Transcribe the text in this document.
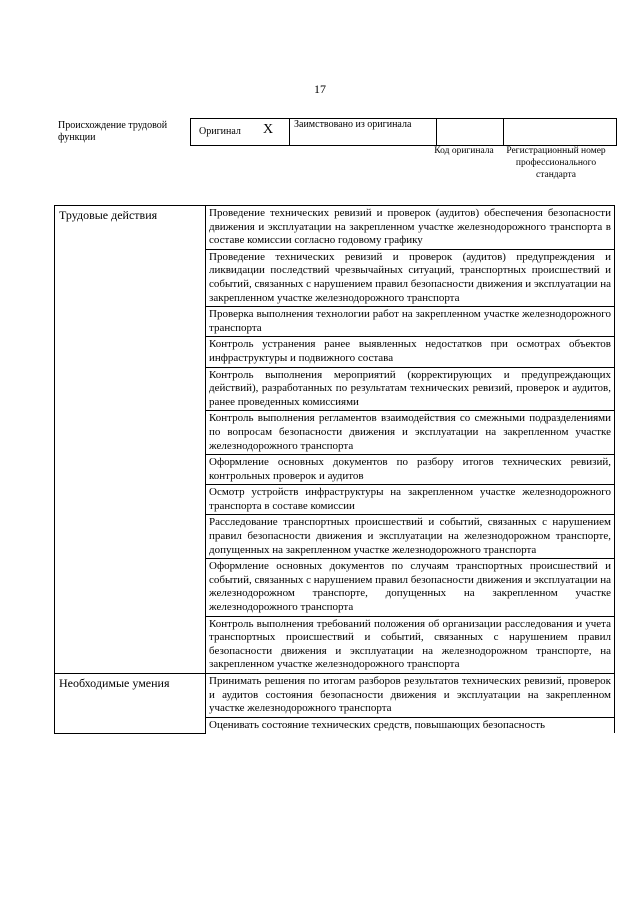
17
Происхождение трудовой функции
Оригинал X	Заимствовано из оригинала		
Код оригинала	Регистрационный номер профессионального стандарта
Трудовые действия	Проведение технических ревизий и проверок (аудитов) обеспечения безопасности движения и эксплуатации на закрепленном участке железнодорожного транспорта в составе комиссии согласно годовому графику
	Проведение технических ревизий и проверок (аудитов) предупреждения и ликвидации последствий чрезвычайных ситуаций, транспортных происшествий и событий, связанных с нарушением правил безопасности движения и эксплуатации на закрепленном участке железнодорожного транспорта
	Проверка выполнения технологии работ на закрепленном участке железнодорожного транспорта
	Контроль устранения ранее выявленных недостатков при осмотрах объектов инфраструктуры и подвижного состава
	Контроль выполнения мероприятий (корректирующих и предупреждающих действий), разработанных по результатам технических ревизий, проверок и аудитов, ранее проведенных комиссиями
	Контроль выполнения регламентов взаимодействия со смежными подразделениями по вопросам безопасности движения и эксплуатации на закрепленном участке железнодорожного транспорта
	Оформление основных документов по разбору итогов технических ревизий, контрольных проверок и аудитов
	Осмотр устройств инфраструктуры на закрепленном участке железнодорожного транспорта в составе комиссии
	Расследование транспортных происшествий и событий, связанных с нарушением правил безопасности движения и эксплуатации на железнодорожном транспорте, допущенных на закрепленном участке железнодорожного транспорта
	Оформление основных документов по случаям транспортных происшествий и событий, связанных с нарушением правил безопасности движения и эксплуатации на железнодорожном транспорте, допущенных на закрепленном участке железнодорожного транспорта
	Контроль выполнения требований положения об организации расследования и учета транспортных происшествий и событий, связанных с нарушением правил безопасности движения и эксплуатации на железнодорожном транспорте, на закрепленном участке железнодорожного транспорта
Необходимые умения	Принимать решения по итогам разборов результатов технических ревизий, проверок и аудитов состояния безопасности движения и эксплуатации на закрепленном участке железнодорожного транспорта
	Оценивать состояние технических средств, повышающих безопасность
